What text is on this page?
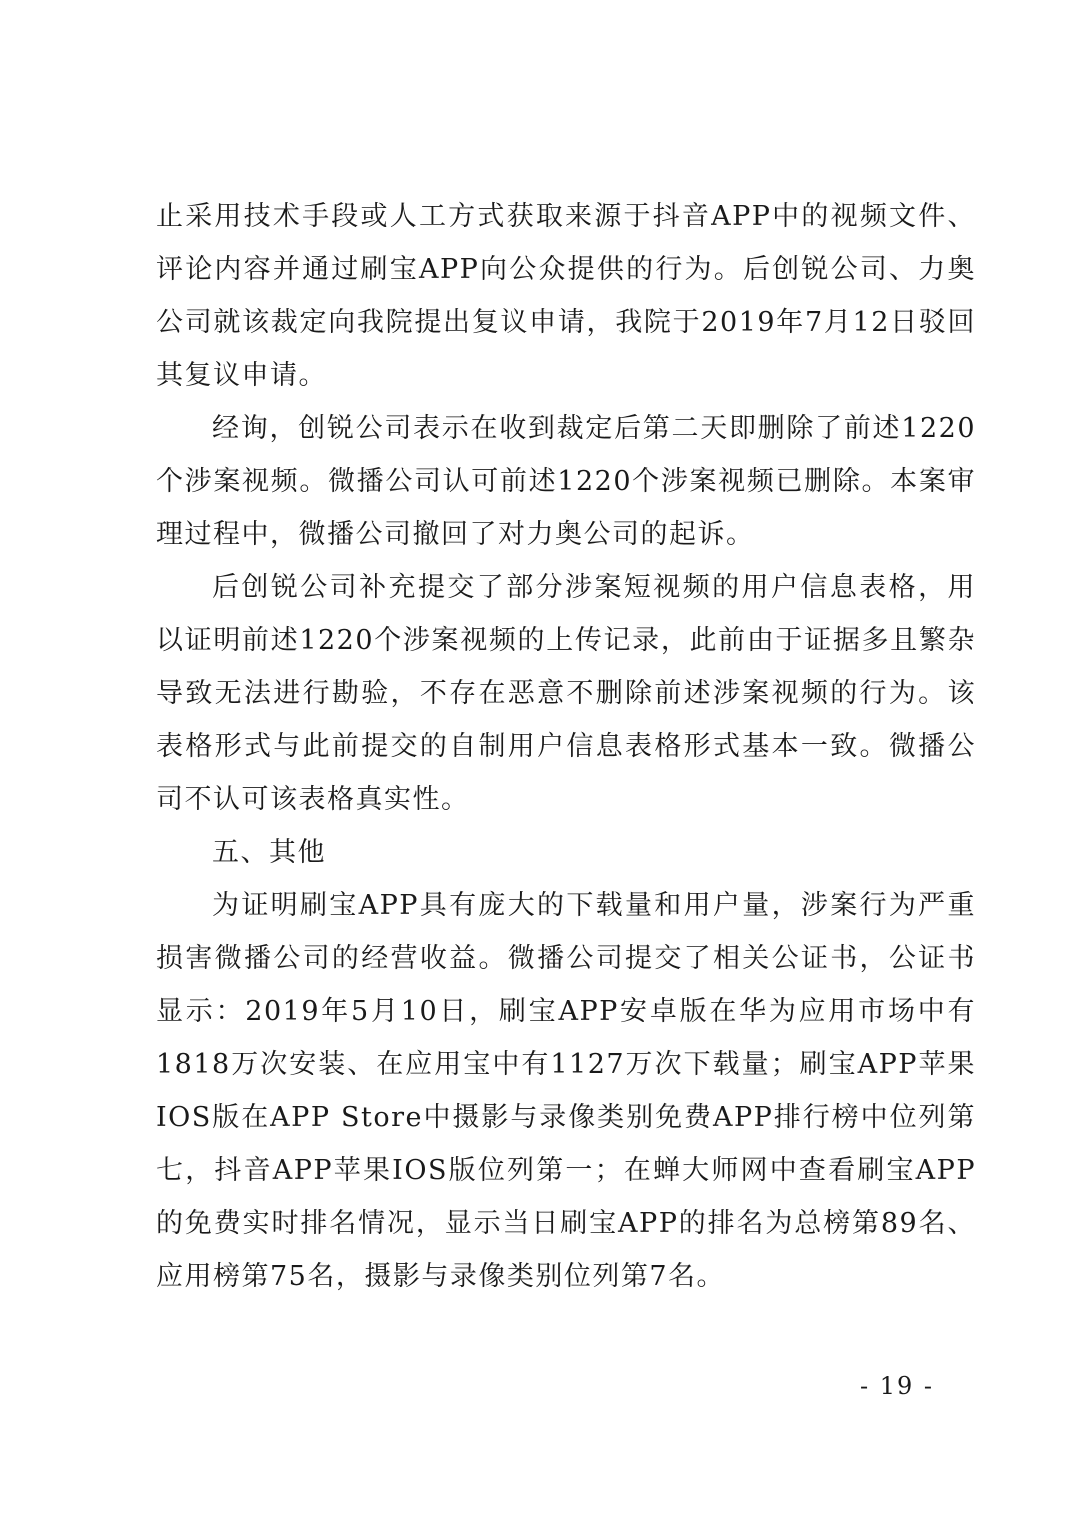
止采用技术手段或人工方式获取来源于抖音APP中的视频文件、评论内容并通过刷宝APP向公众提供的行为。后创锐公司、力奥公司就该裁定向我院提出复议申请，我院于2019年7月12日驳回其复议申请。

经询，创锐公司表示在收到裁定后第二天即删除了前述1220个涉案视频。微播公司认可前述1220个涉案视频已删除。本案审理过程中，微播公司撤回了对力奥公司的起诉。

后创锐公司补充提交了部分涉案短视频的用户信息表格，用以证明前述1220个涉案视频的上传记录，此前由于证据多且繁杂导致无法进行勘验，不存在恶意不删除前述涉案视频的行为。该表格形式与此前提交的自制用户信息表格形式基本一致。微播公司不认可该表格真实性。

五、其他

为证明刷宝APP具有庞大的下载量和用户量，涉案行为严重损害微播公司的经营收益。微播公司提交了相关公证书，公证书显示：2019年5月10日，刷宝APP安卓版在华为应用市场中有1818万次安装、在应用宝中有1127万次下载量；刷宝APP苹果IOS版在APP Store中摄影与录像类别免费APP排行榜中位列第七，抖音APP苹果IOS版位列第一；在蝉大师网中查看刷宝APP的免费实时排名情况，显示当日刷宝APP的排名为总榜第89名、应用榜第75名，摄影与录像类别位列第7名。

- 19 -
